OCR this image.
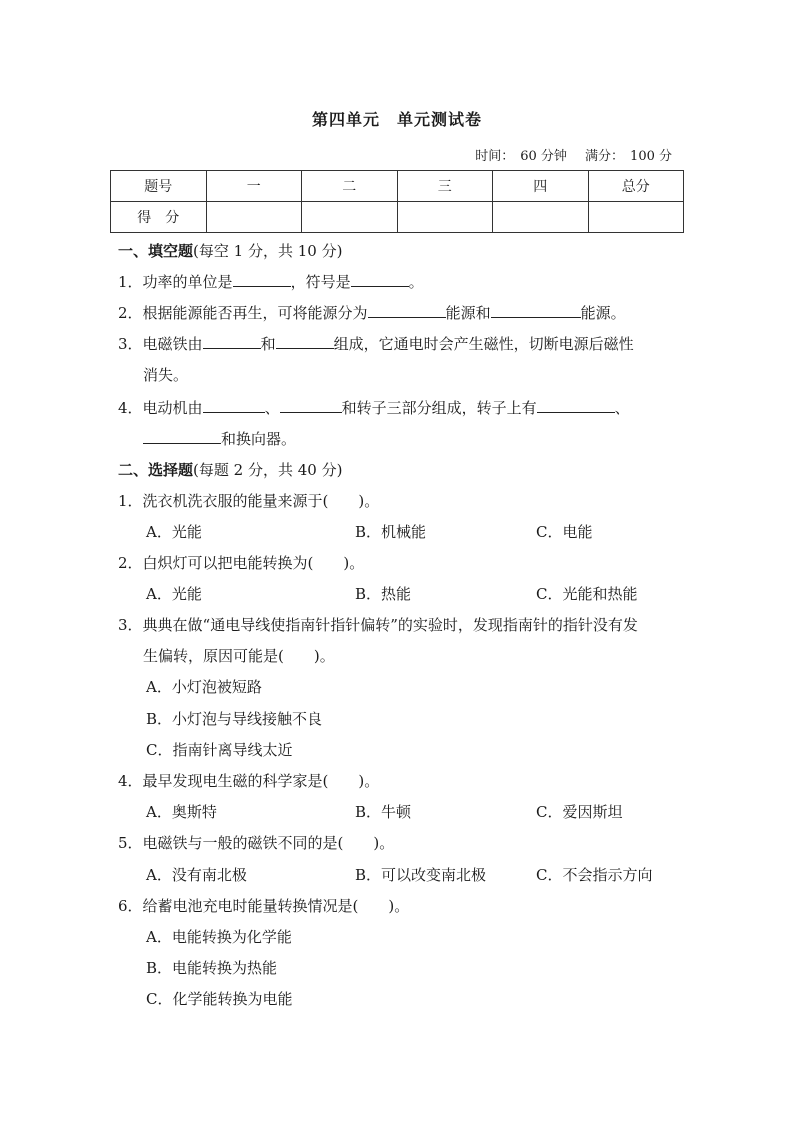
第四单元　单元测试卷
时间： 60 分钟 满分： 100 分
题号	一	二	三	四	总分
得　分					
一、填空题(每空 1 分，共 10 分)
1．功率的单位是	，符号是	。
2．根据能源能否再生，可将能源分为	能源和	能源。
3．电磁铁由	和	组成，它通电时会产生磁性，切断电源后磁性
消失。
4．电动机由	、	和转子三部分组成，转子上有	、
和换向器。
二、选择题(每题 2 分，共 40 分)
1．洗衣机洗衣服的能量来源于(　　)。
A．光能	B．机械能	C．电能
2．白炽灯可以把电能转换为(　　)。
A．光能	B．热能	C．光能和热能
3．典典在做“通电导线使指南针指针偏转”的实验时，发现指南针的指针没有发
生偏转，原因可能是(　　)。
A．小灯泡被短路
B．小灯泡与导线接触不良
C．指南针离导线太近
4．最早发现电生磁的科学家是(　　)。
A．奥斯特	B．牛顿	C．爱因斯坦
5．电磁铁与一般的磁铁不同的是(　　)。
A．没有南北极	B．可以改变南北极	C．不会指示方向
6．给蓄电池充电时能量转换情况是(　　)。
A．电能转换为化学能
B．电能转换为热能
C．化学能转换为电能
